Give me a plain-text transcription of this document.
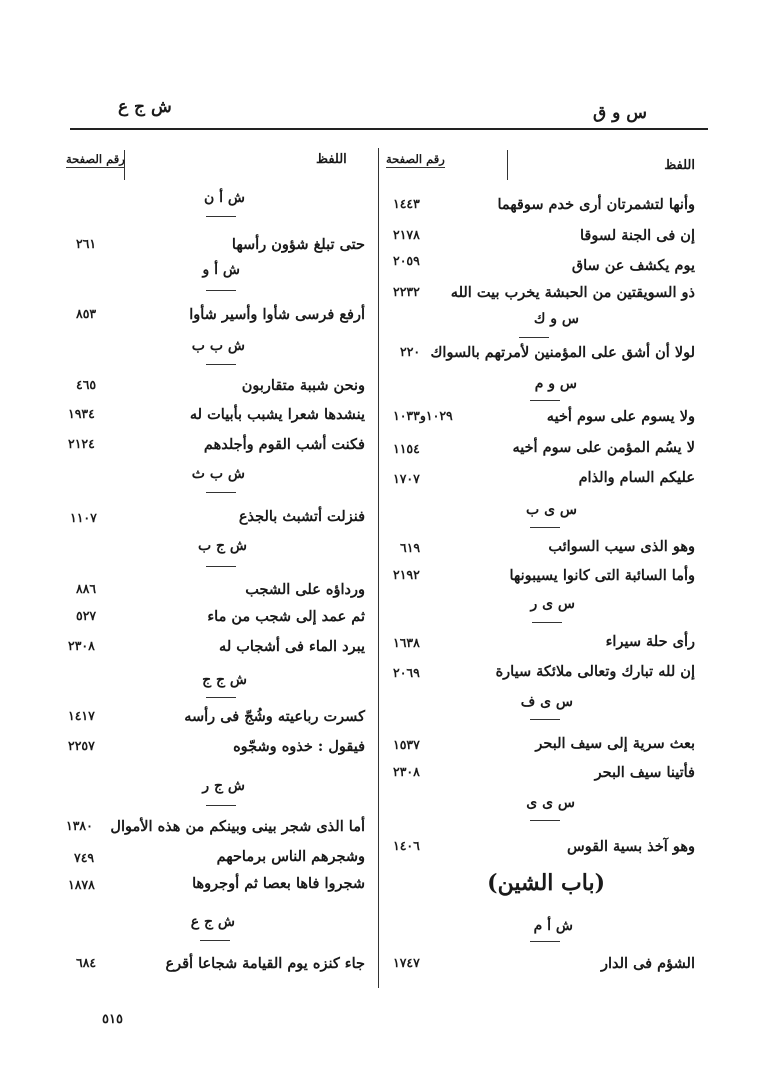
س و ق
ش ج ع
اللفظ
رقم الصفحة
اللفظ
رقم الصفحة
وأنها لتشمرتان أرى خدم سوقهما
١٤٤٣
إن فى الجنة لسوقا
٢١٧٨
يوم يكشف عن ساق
٢٠٥٩
ذو السويقتين من الحبشة يخرب بيت الله
٢٢٣٢
س و ك
لولا أن أشق على المؤمنين لأمرتهم بالسواك
٢٢٠
س و م
ولا يسوم على سوم أخيه
١٠٢٩و١٠٣٣
لا يسُم المؤمن على سوم أخيه
١١٥٤
عليكم السام والذام
١٧٠٧
س ى ب
وهو الذى سيب السوائب
٦١٩
وأما السائبة التى كانوا يسيبونها
٢١٩٢
س ى ر
رأى حلة سيراء
١٦٣٨
إن لله تبارك وتعالى ملائكة سيارة
٢٠٦٩
س ى ف
بعث سرية إلى سيف البحر
١٥٣٧
فأتينا سيف البحر
٢٣٠٨
س ى ى
وهو آخذ بسية القوس
١٤٠٦
(باب الشين)
ش أ م
الشؤم فى الدار
١٧٤٧
ش أ ن
حتى تبلغ شؤون رأسها
٢٦١
ش أ و
أرفع فرسى شأوا وأسير شأوا
٨٥٣
ش ب ب
ونحن شببة متقاربون
٤٦٥
ينشدها شعرا يشبب بأبيات له
١٩٣٤
فكنت أشب القوم وأجلدهم
٢١٢٤
ش ب ث
فنزلت أتشبث بالجذع
١١٠٧
ش ج ب
ورداؤه على الشجب
٨٨٦
ثم عمد إلى شجب من ماء
٥٢٧
يبرد الماء فى أشجاب له
٢٣٠٨
ش ج ج
كسرت رباعيته وشُجّ فى رأسه
١٤١٧
فيقول : خذوه وشجّوه
٢٢٥٧
ش ج ر
أما الذى شجر بينى وبينكم من هذه الأموال
١٣٨٠
وشجرهم الناس برماحهم
٧٤٩
شجروا فاها بعصا ثم أوجروها
١٨٧٨
ش ج ع
جاء كنزه يوم القيامة شجاعا أقرع
٦٨٤
٥١٥
